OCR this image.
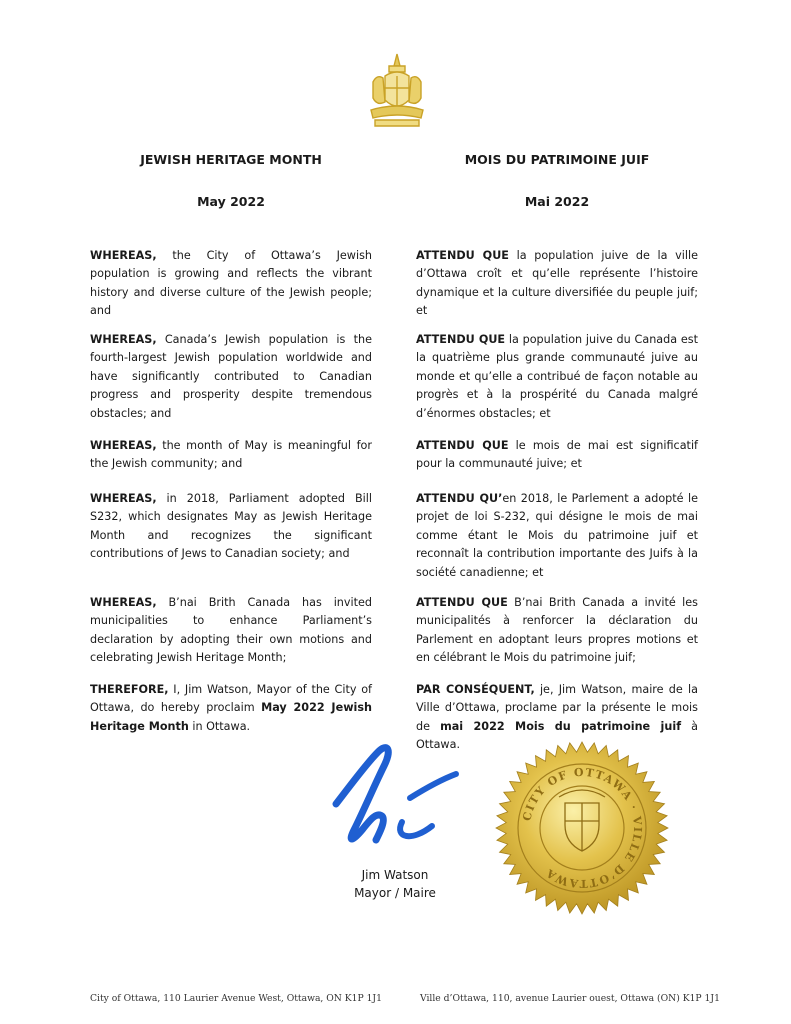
JEWISH HERITAGE MONTH
May 2022

WHEREAS, the City of Ottawa’s Jewish population is growing and reflects the vibrant history and diverse culture of the Jewish people; and

WHEREAS, Canada’s Jewish population is the fourth-largest Jewish population worldwide and have significantly contributed to Canadian progress and prosperity despite tremendous obstacles; and

WHEREAS, the month of May is meaningful for the Jewish community; and

WHEREAS, in 2018, Parliament adopted Bill S232, which designates May as Jewish Heritage Month and recognizes the significant contributions of Jews to Canadian society; and

WHEREAS, B’nai Brith Canada has invited municipalities to enhance Parliament’s declaration by adopting their own motions and celebrating Jewish Heritage Month;

THEREFORE, I, Jim Watson, Mayor of the City of Ottawa, do hereby proclaim May 2022 Jewish Heritage Month in Ottawa.

MOIS DU PATRIMOINE JUIF
Mai 2022

ATTENDU QUE la population juive de la ville d’Ottawa croît et qu’elle représente l’histoire dynamique et la culture diversifiée du peuple juif; et

ATTENDU QUE la population juive du Canada est la quatrième plus grande communauté juive au monde et qu’elle a contribué de façon notable au progrès et à la prospérité du Canada malgré d’énormes obstacles; et

ATTENDU QUE le mois de mai est significatif pour la communauté juive; et

ATTENDU QU’en 2018, le Parlement a adopté le projet de loi S-232, qui désigne le mois de mai comme étant le Mois du patrimoine juif et reconnaît la contribution importante des Juifs à la société canadienne; et

ATTENDU QUE B’nai Brith Canada a invité les municipalités à renforcer la déclaration du Parlement en adoptant leurs propres motions et en célébrant le Mois du patrimoine juif;

PAR CONSÉQUENT, je, Jim Watson, maire de la Ville d’Ottawa, proclame par la présente le mois de mai 2022 Mois du patrimoine juif à Ottawa.

Jim Watson
Mayor / Maire
CITY OF OTTAWA · VILLE D’OTTAWA
City of Ottawa, 110 Laurier Avenue West, Ottawa, ON K1P 1J1	Ville d’Ottawa, 110, avenue Laurier ouest, Ottawa (ON) K1P 1J1
